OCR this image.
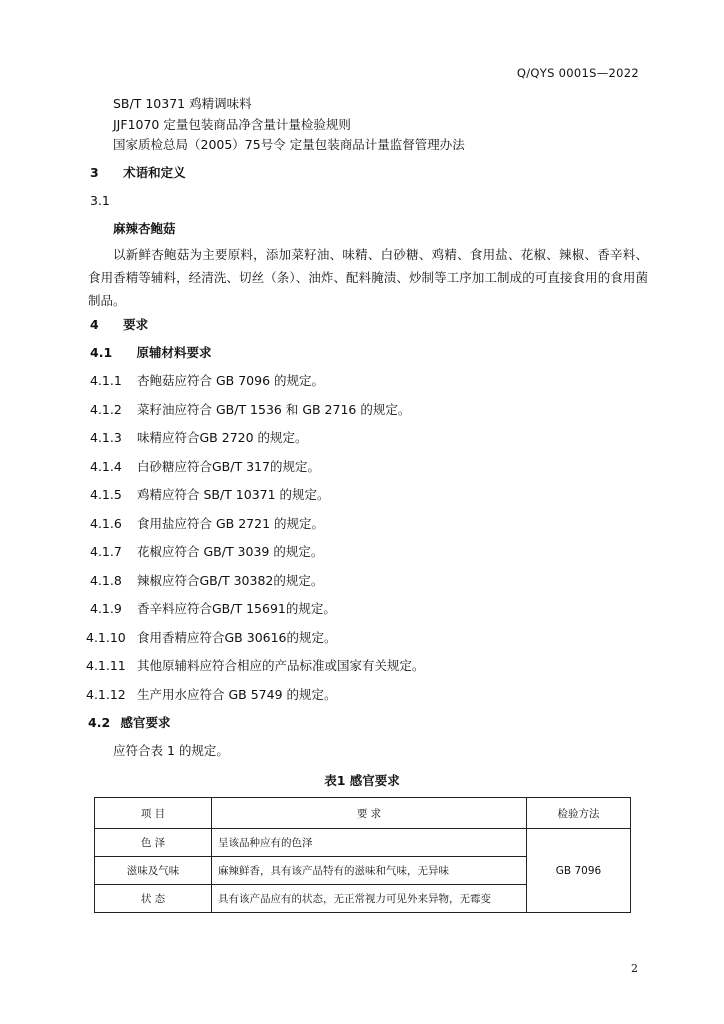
Q/QYS 0001S—2022
SB/T 10371 鸡精调味料
JJF1070 定量包装商品净含量计量检验规则
国家质检总局（2005）75号令 定量包装商品计量监督管理办法
3 术语和定义
3.1
麻辣杏鲍菇
以新鲜杏鲍菇为主要原料，添加菜籽油、味精、白砂糖、鸡精、食用盐、花椒、辣椒、香辛料、食用香精等辅料，经清洗、切丝（条）、油炸、配料腌渍、炒制等工序加工制成的可直接食用的食用菌制品。
4 要求
4.1 原辅材料要求
4.1.1 杏鲍菇应符合 GB 7096 的规定。
4.1.2 菜籽油应符合 GB/T 1536 和 GB 2716 的规定。
4.1.3 味精应符合GB 2720 的规定。
4.1.4 白砂糖应符合GB/T 317的规定。
4.1.5 鸡精应符合 SB/T 10371 的规定。
4.1.6 食用盐应符合 GB 2721 的规定。
4.1.7 花椒应符合 GB/T 3039 的规定。
4.1.8 辣椒应符合GB/T 30382的规定。
4.1.9 香辛料应符合GB/T 15691的规定。
4.1.10 食用香精应符合GB 30616的规定。
4.1.11 其他原辅料应符合相应的产品标准或国家有关规定。
4.1.12 生产用水应符合 GB 5749 的规定。
4.2 感官要求
应符合表 1 的规定。
表1 感官要求
项 目	要 求	检验方法
色 泽	呈该品种应有的色泽	GB 7096
滋味及气味	麻辣鲜香，具有该产品特有的滋味和气味，无异味	
状 态	具有该产品应有的状态，无正常视力可见外来异物，无霉变	
2
